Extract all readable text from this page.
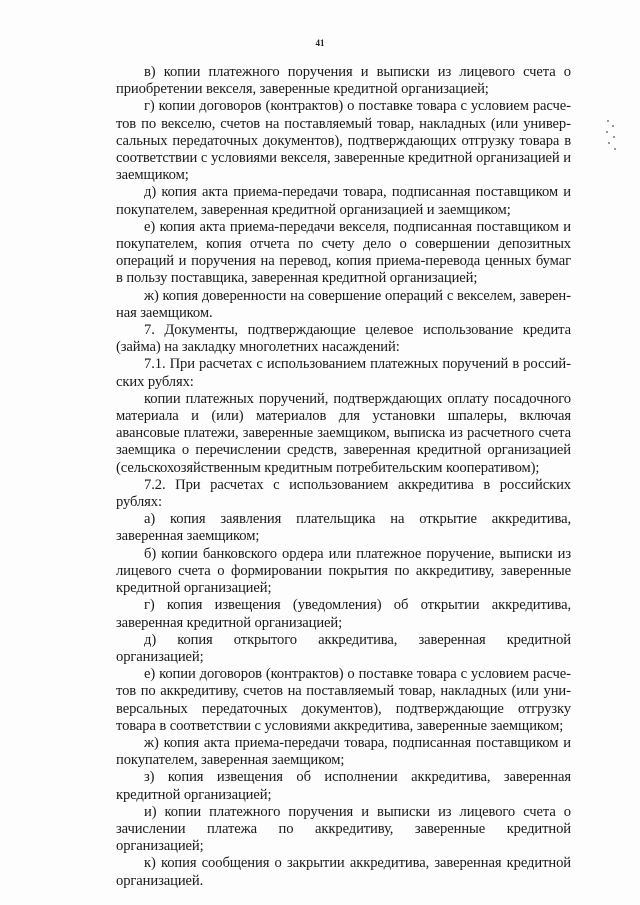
41

в) копии платежного поручения и выписки из лицевого счета о приобретении векселя, заверенные кредитной организацией;

г) копии договоров (контрактов) о поставке товара с условием расчетов по векселю, счетов на поставляемый товар, накладных (или универсальных передаточных документов), подтверждающих отгрузку товара в соответствии с условиями векселя, заверенные кредитной организацией и заемщиком;

д) копия акта приема-передачи товара, подписанная поставщиком и покупателем, заверенная кредитной организацией и заемщиком;

е) копия акта приема-передачи векселя, подписанная поставщиком и покупателем, копия отчета по счету дело о совершении депозитных операций и поручения на перевод, копия приема-перевода ценных бумаг в пользу поставщика, заверенная кредитной организацией;

ж) копия доверенности на совершение операций с векселем, заверенная заемщиком.

7. Документы, подтверждающие целевое использование кредита (займа) на закладку многолетних насаждений:

7.1. При расчетах с использованием платежных поручений в российских рублях:

копии платежных поручений, подтверждающих оплату посадочного материала и (или) материалов для установки шпалеры, включая авансовые платежи, заверенные заемщиком, выписка из расчетного счета заемщика о перечислении средств, заверенная кредитной организацией (сельскохозяйственным кредитным потребительским кооперативом);

7.2. При расчетах с использованием аккредитива в российских рублях:

а) копия заявления плательщика на открытие аккредитива, заверенная заемщиком;

б) копии банковского ордера или платежное поручение, выписки из лицевого счета о формировании покрытия по аккредитиву, заверенные кредитной организацией;

г) копия извещения (уведомления) об открытии аккредитива, заверенная кредитной организацией;

д) копия открытого аккредитива, заверенная кредитной организацией;

е) копии договоров (контрактов) о поставке товара с условием расчетов по аккредитиву, счетов на поставляемый товар, накладных (или универсальных передаточных документов), подтверждающие отгрузку товара в соответствии с условиями аккредитива, заверенные заемщиком;

ж) копия акта приема-передачи товара, подписанная поставщиком и покупателем, заверенная заемщиком;

з) копия извещения об исполнении аккредитива, заверенная кредитной организацией;

и) копии платежного поручения и выписки из лицевого счета о зачислении платежа по аккредитиву, заверенные кредитной организацией;

к) копия сообщения о закрытии аккредитива, заверенная кредитной организацией.
